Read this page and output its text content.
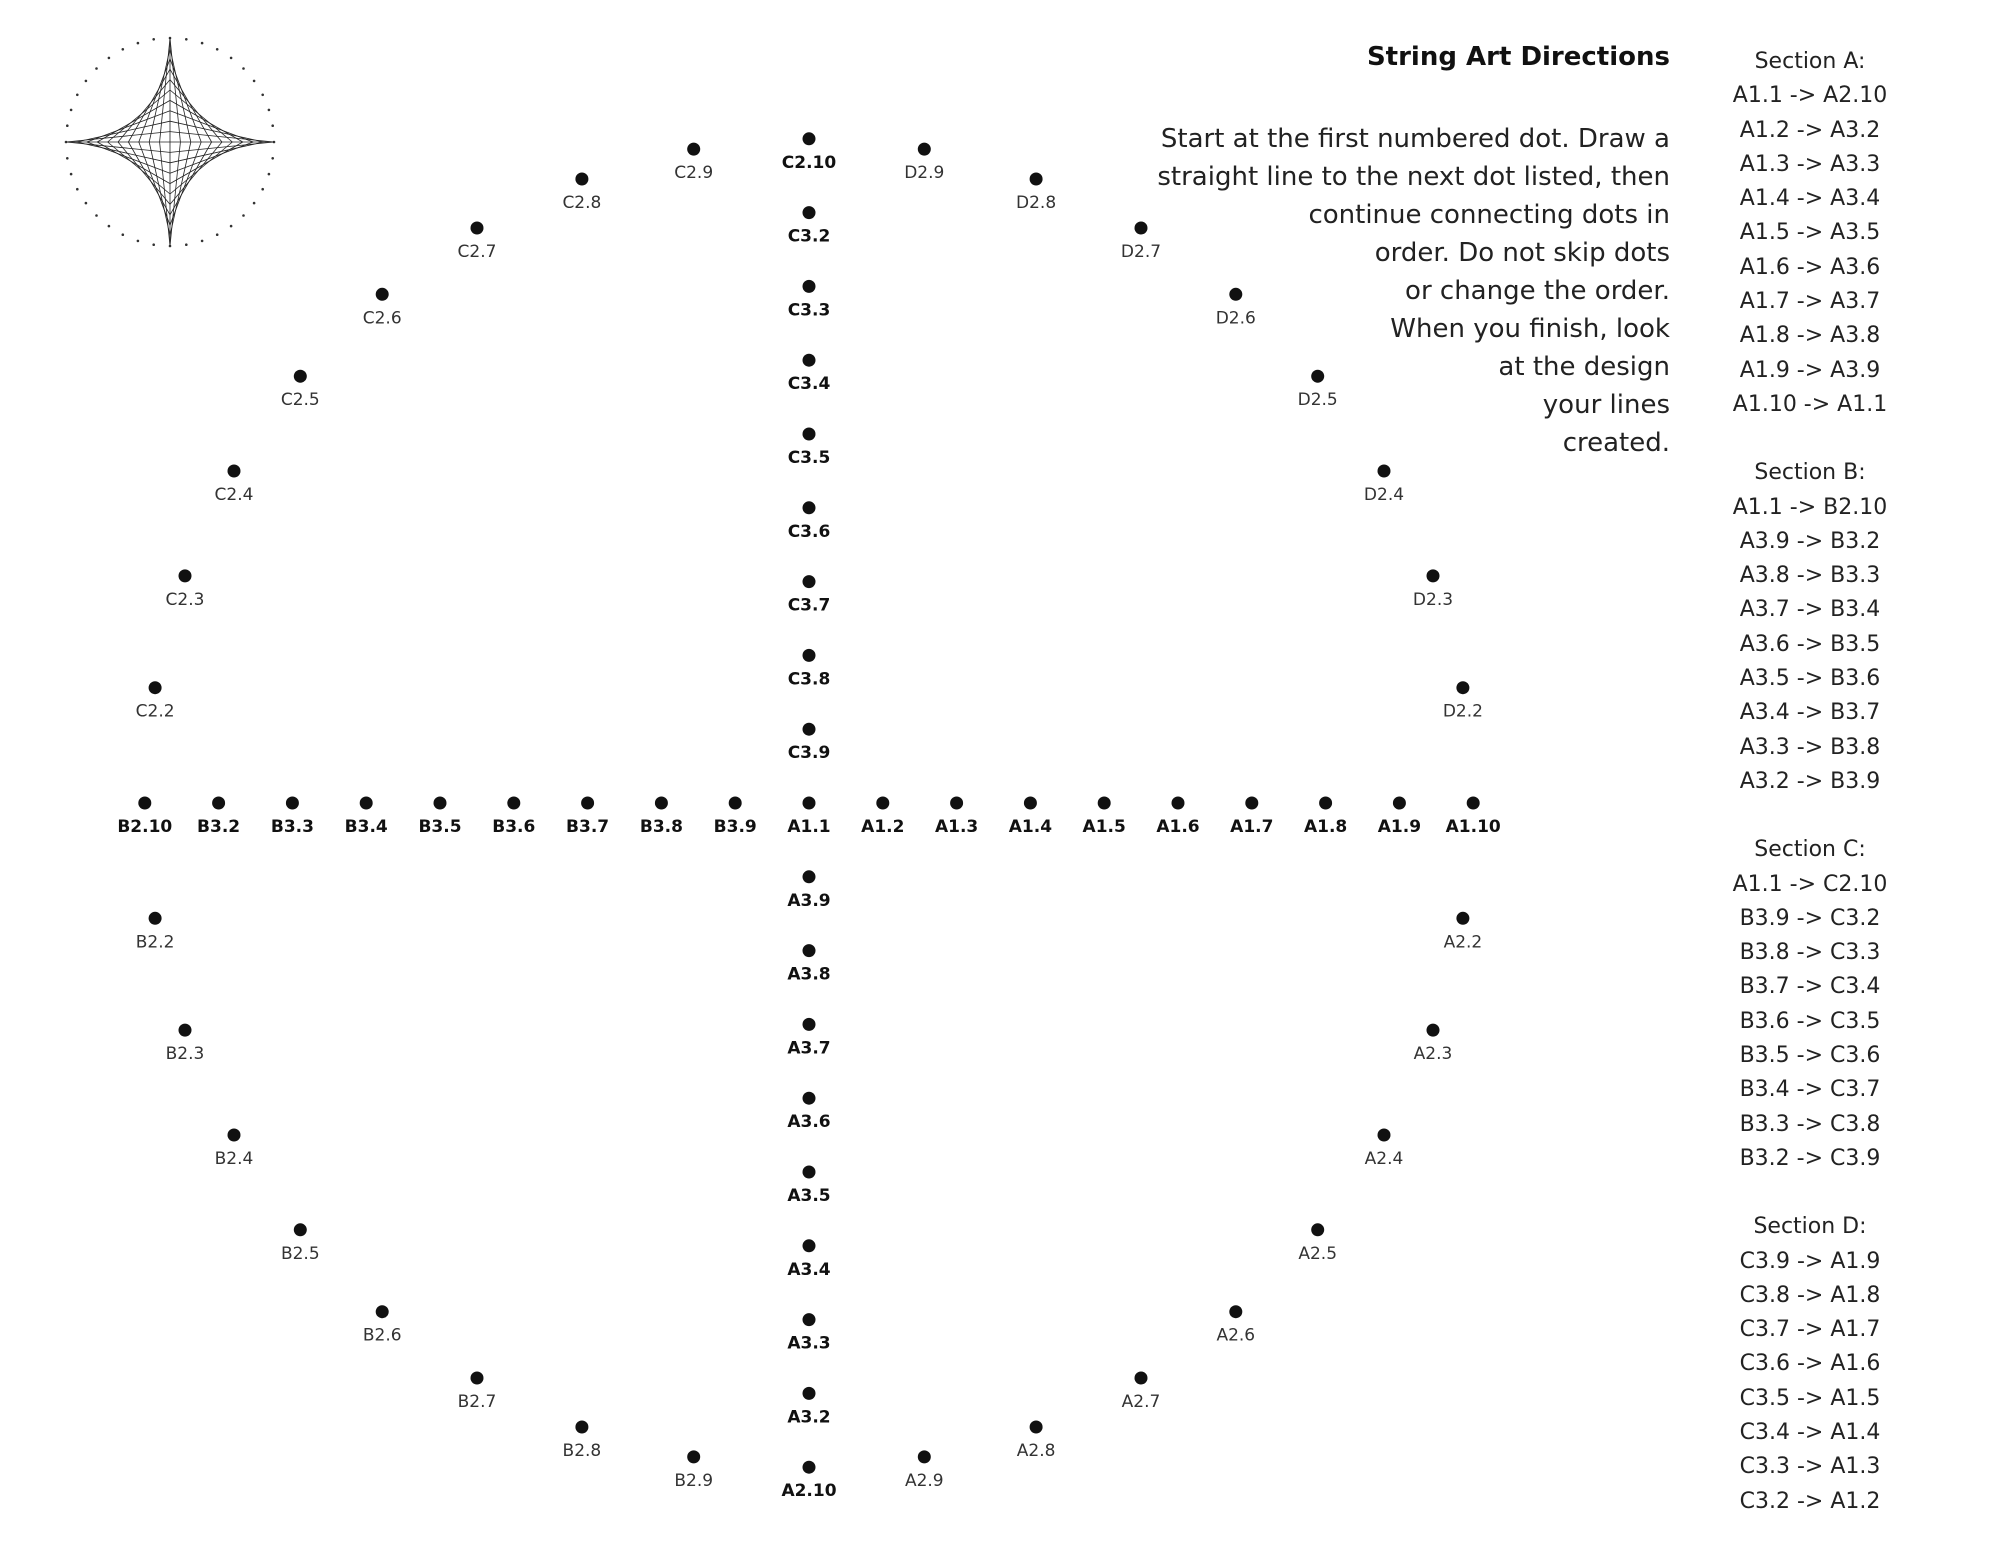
A1.1 A1.2 A1.3 A1.4 A1.5 A1.6 A1.7 A1.8 A1.9 A1.10
B3.9
B3.8
B3.7
B3.6
B3.5
B3.4
B3.3
B3.2
B2.10
C3.9
C3.8
C3.7
C3.6
C3.5
C3.4
C3.3
C3.2
C2.10
A3.9
A3.8
A3.7
A3.6
A3.5
A3.4
A3.3
A3.2
A2.10
A2.2
A2.3
A2.4
A2.5
A2.6
A2.7
A2.8
A2.9
B2.2
B2.3
B2.4
B2.5
B2.6
B2.7
B2.8
B2.9
C2.2
C2.3
C2.4
C2.5
C2.6
C2.7
C2.8
C2.9
D2.2
D2.3
D2.4
D2.5
D2.6
D2.7
D2.8
D2.9
String Art Directions
Start at the first numbered dot. Draw a
straight line to the next dot listed, then
continue connecting dots in
order. Do not skip dots
or change the order.
When you finish, look
at the design
your lines
created.
Section A:
A1.1 -> A2.10
A1.2 -> A3.2
A1.3 -> A3.3
A1.4 -> A3.4
A1.5 -> A3.5
A1.6 -> A3.6
A1.7 -> A3.7
A1.8 -> A3.8
A1.9 -> A3.9
A1.10 -> A1.1
Section B:
A1.1 -> B2.10
A3.9 -> B3.2
A3.8 -> B3.3
A3.7 -> B3.4
A3.6 -> B3.5
A3.5 -> B3.6
A3.4 -> B3.7
A3.3 -> B3.8
A3.2 -> B3.9
Section C:
A1.1 -> C2.10
B3.9 -> C3.2
B3.8 -> C3.3
B3.7 -> C3.4
B3.6 -> C3.5
B3.5 -> C3.6
B3.4 -> C3.7
B3.3 -> C3.8
B3.2 -> C3.9
Section D:
C3.9 -> A1.9
C3.8 -> A1.8
C3.7 -> A1.7
C3.6 -> A1.6
C3.5 -> A1.5
C3.4 -> A1.4
C3.3 -> A1.3
C3.2 -> A1.2
